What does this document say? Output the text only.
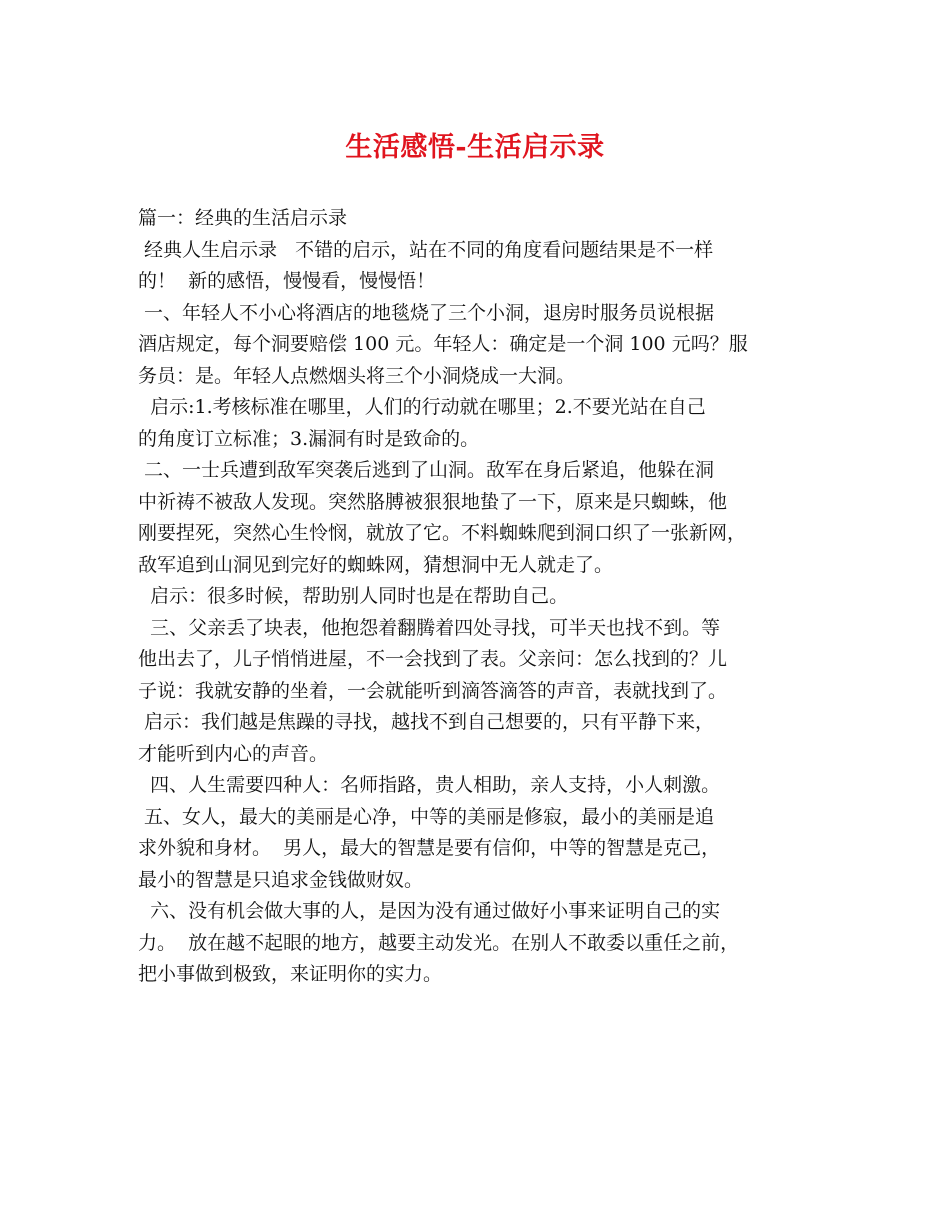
生活感悟-生活启示录
篇一：经典的生活启示录
经典人生启示录   不错的启示，站在不同的角度看问题结果是不一样
的！  新的感悟，慢慢看，慢慢悟！
一、年轻人不小心将酒店的地毯烧了三个小洞，退房时服务员说根据
酒店规定，每个洞要赔偿 100 元。年轻人：确定是一个洞 100 元吗？服
务员：是。年轻人点燃烟头将三个小洞烧成一大洞。
启示:1.考核标准在哪里，人们的行动就在哪里；2.不要光站在自己
的角度订立标准；3.漏洞有时是致命的。
二、一士兵遭到敌军突袭后逃到了山洞。敌军在身后紧追，他躲在洞
中祈祷不被敌人发现。突然胳膊被狠狠地蛰了一下，原来是只蜘蛛，他
刚要捏死，突然心生怜悯，就放了它。不料蜘蛛爬到洞口织了一张新网，
敌军追到山洞见到完好的蜘蛛网，猜想洞中无人就走了。
启示：很多时候，帮助别人同时也是在帮助自己。
三、父亲丢了块表，他抱怨着翻腾着四处寻找，可半天也找不到。等
他出去了，儿子悄悄进屋，不一会找到了表。父亲问：怎么找到的？儿
子说：我就安静的坐着，一会就能听到滴答滴答的声音，表就找到了。
启示：我们越是焦躁的寻找，越找不到自己想要的，只有平静下来，
才能听到内心的声音。
四、人生需要四种人：名师指路，贵人相助，亲人支持，小人刺激。
五、女人，最大的美丽是心净，中等的美丽是修寂，最小的美丽是追
求外貌和身材。  男人，最大的智慧是要有信仰，中等的智慧是克己，
最小的智慧是只追求金钱做财奴。
六、没有机会做大事的人，是因为没有通过做好小事来证明自己的实
力。  放在越不起眼的地方，越要主动发光。在别人不敢委以重任之前，
把小事做到极致，来证明你的实力。
